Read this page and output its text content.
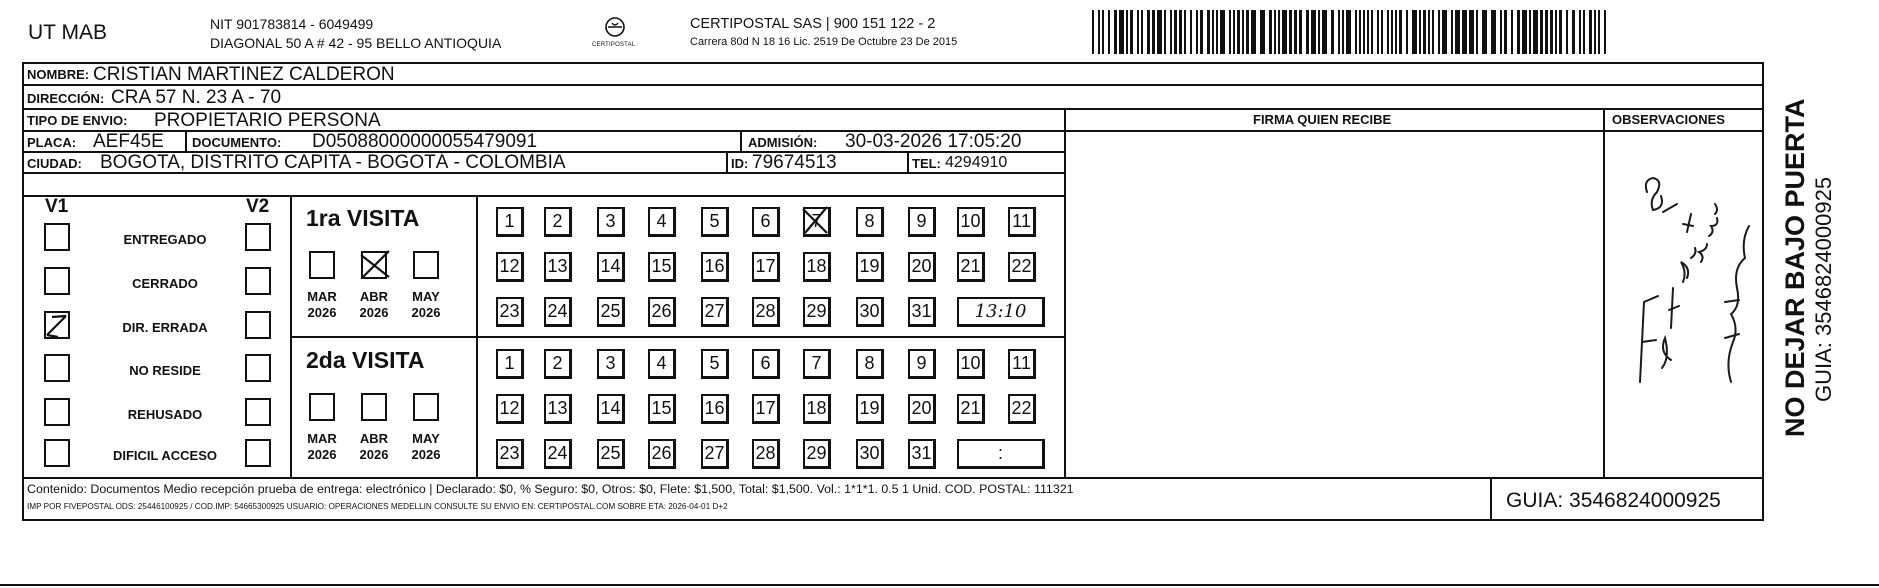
UT MAB	NIT 901783814 - 6049499
DIAGONAL 50 A # 42 - 95 BELLO ANTIOQUIA	CERTIPOSTAL
CERTIPOSTAL SAS | 900 151 122 - 2
Carrera 80d N 18 16 Lic. 2519 De Octubre 23 De 2015
NOMBRE: CRISTIAN MARTINEZ CALDERON
DIRECCIÓN: CRA 57 N. 23 A - 70
TIPO DE ENVIO: PROPIETARIO PERSONA
PLACA: AEF45E DOCUMENTO: D05088000000055479091	ADMISIÓN: 30-03-2026 17:05:20
CIUDAD: BOGOTA, DISTRITO CAPITA - BOGOTÁ - COLOMBIA	ID: 79674513	TEL: 4294910
FIRMA QUIEN RECIBE	OBSERVACIONES
V1	V2
ENTREGADO
CERRADO
DIR. ERRADA
NO RESIDE
REHUSADO
DIFICIL ACCESO
1ra VISITA
MAR
2026
ABR
2026
MAY
2026
1	2	3	4	5	6	7	8	9	10 11
12 13 14 15 16 17 18 19 20 21 22
23 24 25 26 27 28 29 30 31	13:10
2da VISITA
MAR
2026
ABR
2026
MAY
2026
1	2	3	4	5	6	7	8	9	10 11
12 13 14 15 16 17 18 19 20 21 22
23 24 25 26 27 28 29 30 31	:
Contenido: Documentos Medio recepción prueba de entrega: electrónico | Declarado: $0, % Seguro: $0, Otros: $0, Flete: $1,500, Total: $1,500. Vol.: 1*1*1. 0.5 1 Unid. COD. POSTAL: 111321
IMP POR FIVEPOSTAL ODS: 25446100925 / COD.IMP: 54665300925 USUARIO: OPERACIONES MEDELLIN CONSULTE SU ENVIO EN: CERTIPOSTAL.COM SOBRE ETA: 2026-04-01 D+2	GUIA: 3546824000925
NO DEJAR BAJO PUERTA GUIA: 3546824000925
